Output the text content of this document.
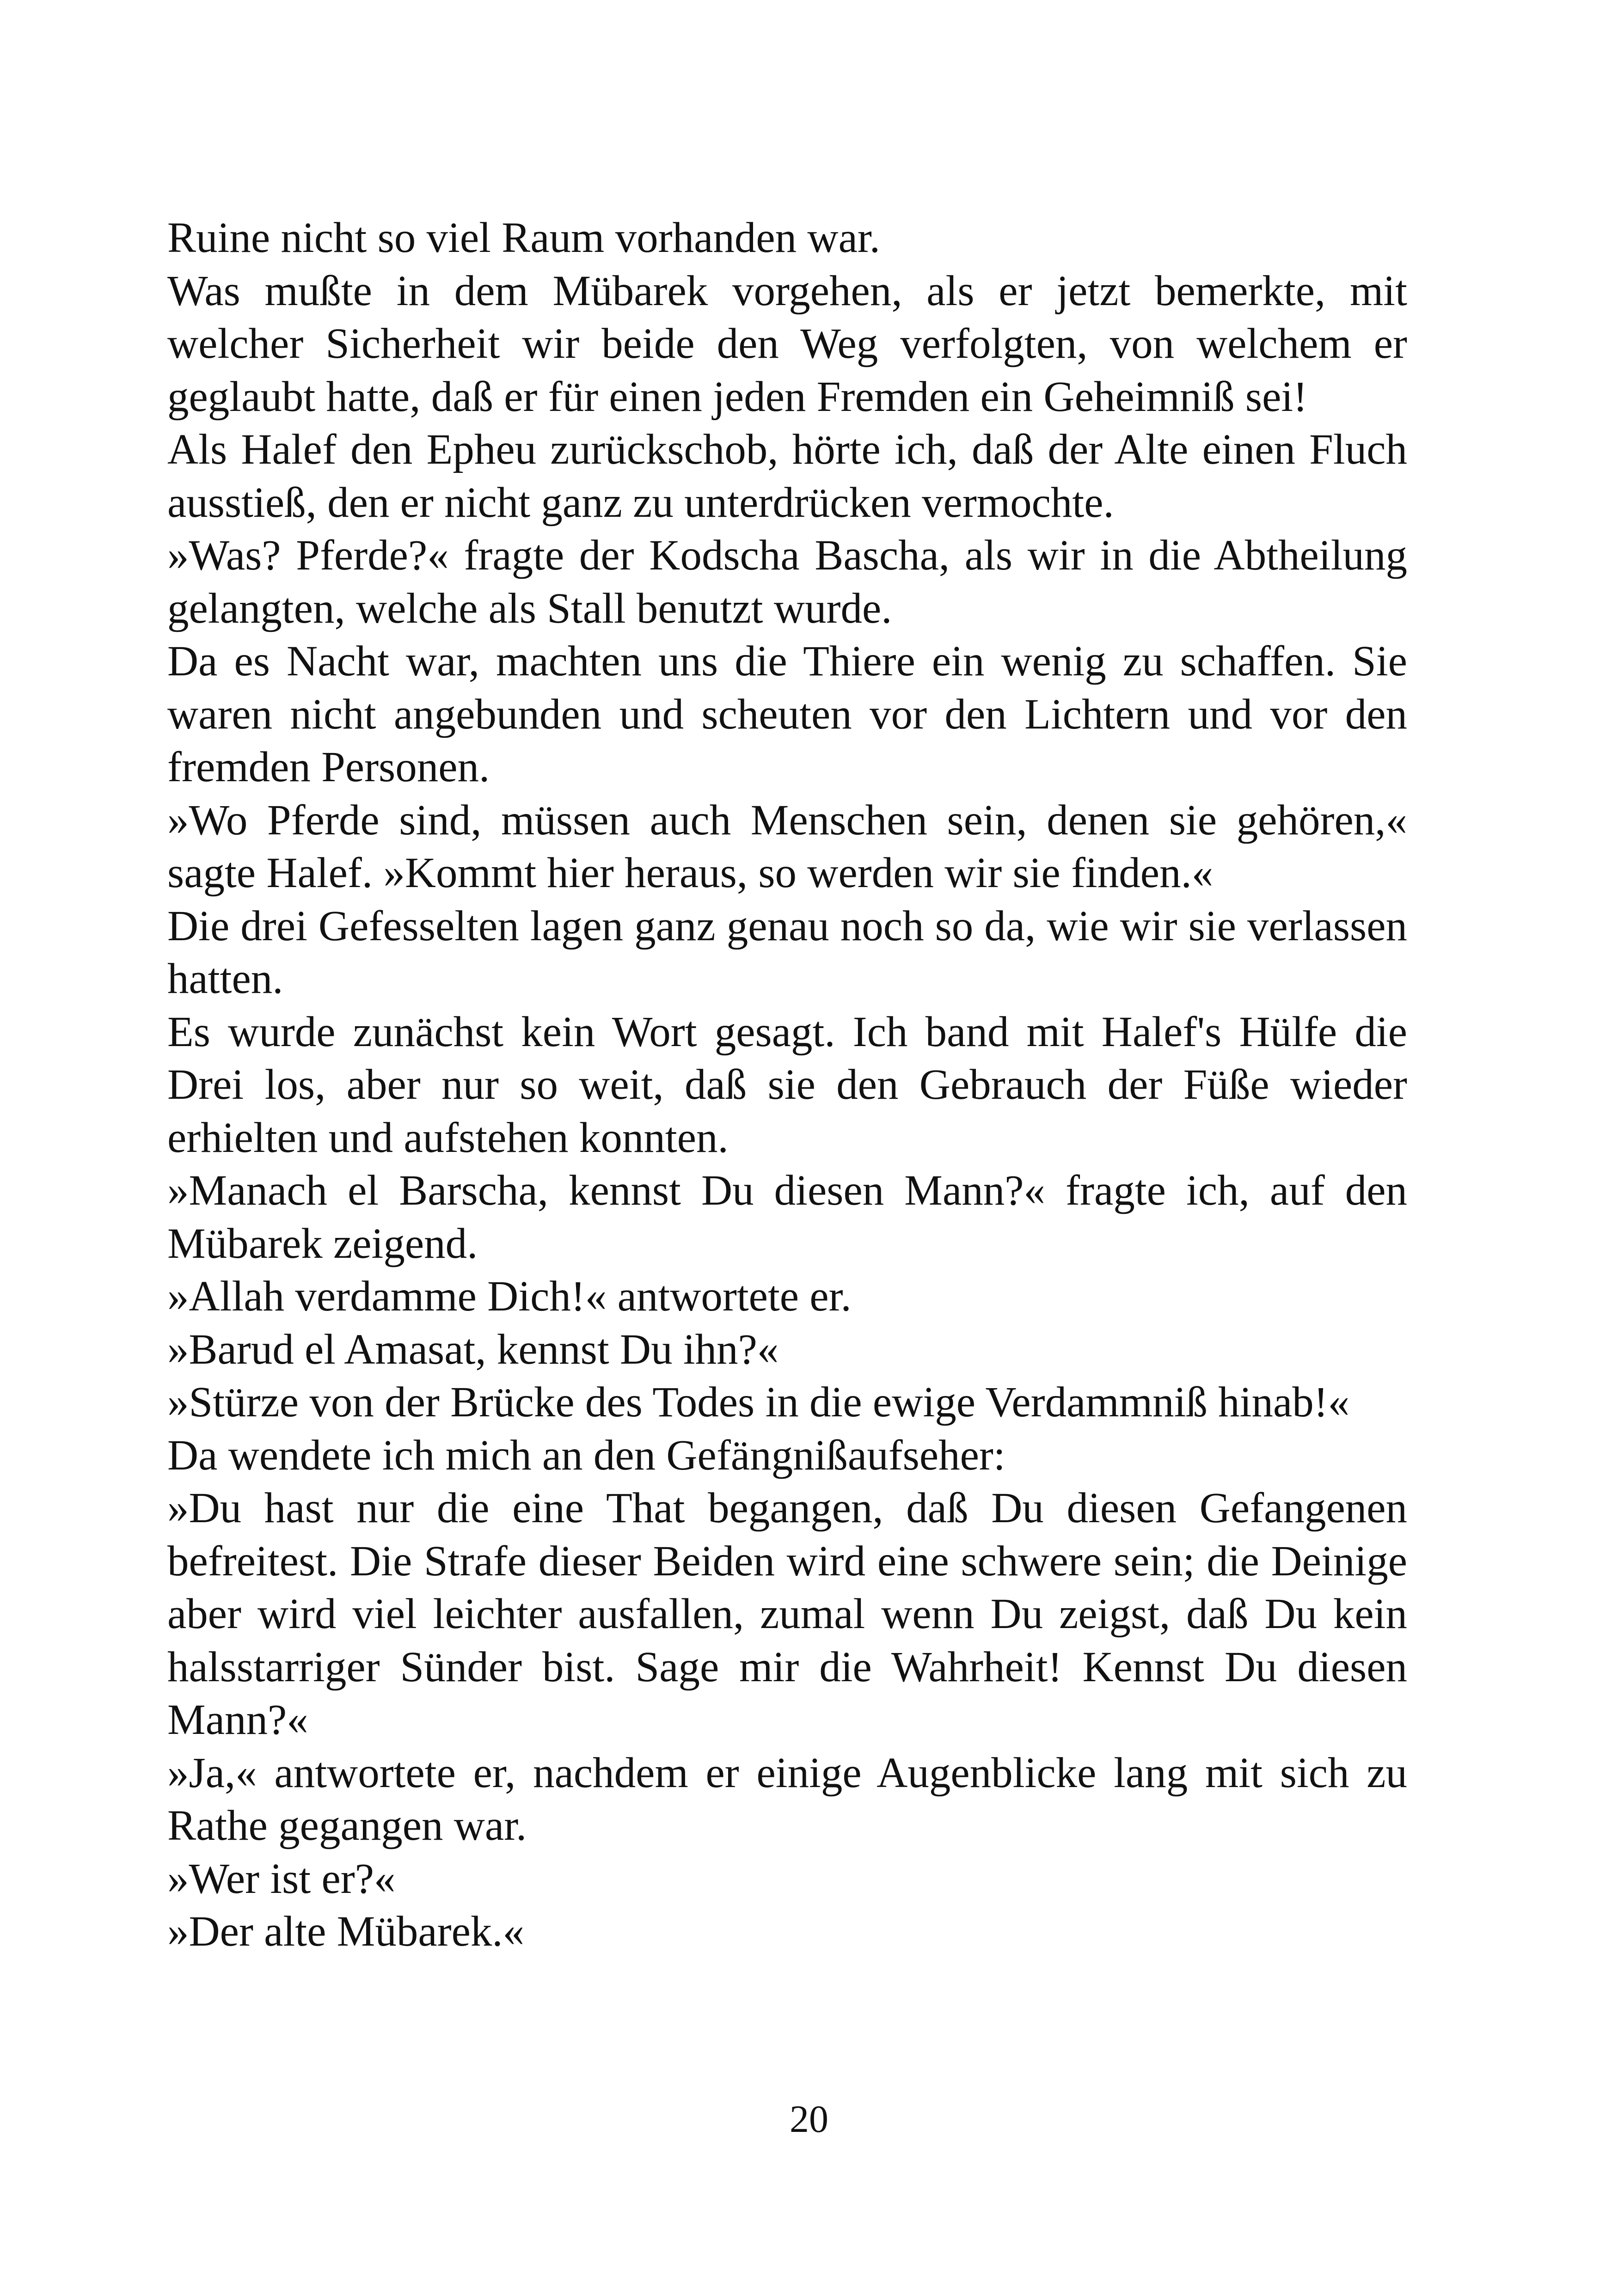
Ruine nicht so viel Raum vorhanden war.

Was mußte in dem Mübarek vorgehen, als er jetzt bemerkte, mit welcher Sicherheit wir beide den Weg verfolgten, von welchem er geglaubt hatte, daß er für einen jeden Fremden ein Geheimniß sei!

Als Halef den Epheu zurückschob, hörte ich, daß der Alte einen Fluch ausstieß, den er nicht ganz zu unterdrücken vermochte.

»Was? Pferde?« fragte der Kodscha Bascha, als wir in die Abtheilung gelangten, welche als Stall benutzt wurde.

Da es Nacht war, machten uns die Thiere ein wenig zu schaffen. Sie waren nicht angebunden und scheuten vor den Lichtern und vor den fremden Personen.

»Wo Pferde sind, müssen auch Menschen sein, denen sie gehören,« sagte Halef. »Kommt hier heraus, so werden wir sie finden.«

Die drei Gefesselten lagen ganz genau noch so da, wie wir sie verlassen hatten.

Es wurde zunächst kein Wort gesagt. Ich band mit Halef's Hülfe die Drei los, aber nur so weit, daß sie den Gebrauch der Füße wieder erhielten und aufstehen konnten.

»Manach el Barscha, kennst Du diesen Mann?« fragte ich, auf den Mübarek zeigend.

»Allah verdamme Dich!« antwortete er.

»Barud el Amasat, kennst Du ihn?«

»Stürze von der Brücke des Todes in die ewige Verdammniß hinab!«

Da wendete ich mich an den Gefängnißaufseher:

»Du hast nur die eine That begangen, daß Du diesen Gefangenen befreitest. Die Strafe dieser Beiden wird eine schwere sein; die Deinige aber wird viel leichter ausfallen, zumal wenn Du zeigst, daß Du kein halsstarriger Sünder bist. Sage mir die Wahrheit! Kennst Du diesen Mann?«

»Ja,« antwortete er, nachdem er einige Augenblicke lang mit sich zu Rathe gegangen war.

»Wer ist er?«

»Der alte Mübarek.«

20
